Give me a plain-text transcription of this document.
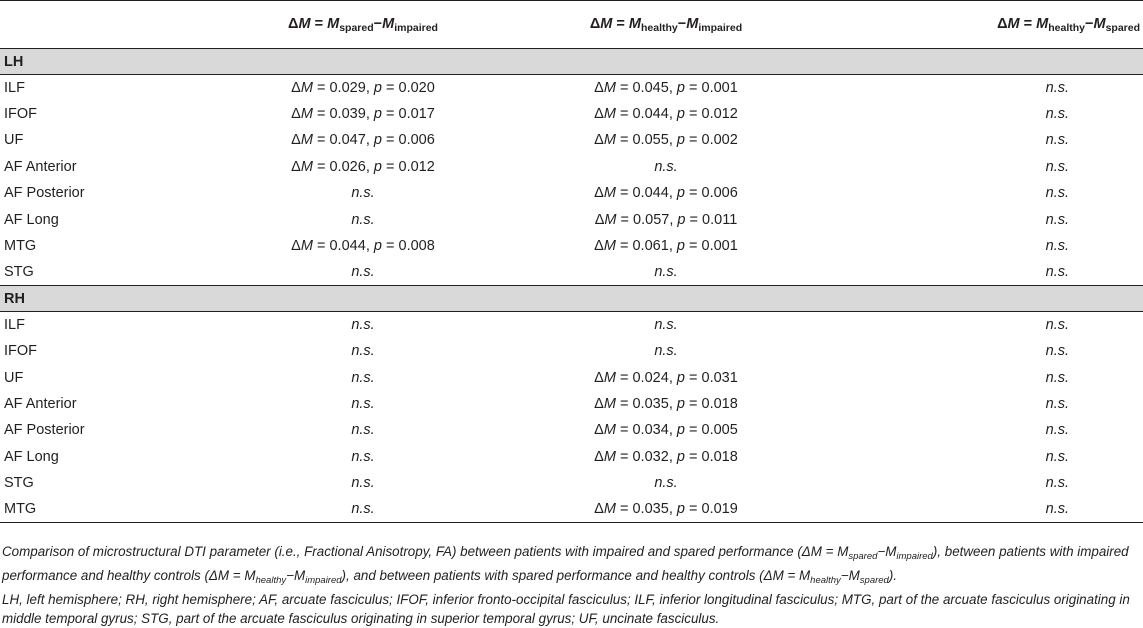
	$\Delta M = M_{spared}-M_{impaired}$	$\Delta M = M_{healthy}-M_{impaired}$	$\Delta M = M_{healthy}-M_{spared}$
LH			
ILF	ΔM = 0.029, p = 0.020	ΔM = 0.045, p = 0.001	n.s.
IFOF	ΔM = 0.039, p = 0.017	ΔM = 0.044, p = 0.012	n.s.
UF	ΔM = 0.047, p = 0.006	ΔM = 0.055, p = 0.002	n.s.
AF Anterior	ΔM = 0.026, p = 0.012	n.s.	n.s.
AF Posterior	n.s.	ΔM = 0.044, p = 0.006	n.s.
AF Long	n.s.	ΔM = 0.057, p = 0.011	n.s.
MTG	ΔM = 0.044, p = 0.008	ΔM = 0.061, p = 0.001	n.s.
STG	n.s.	n.s.	n.s.
RH			
ILF	n.s.	n.s.	n.s.
IFOF	n.s.	n.s.	n.s.
UF	n.s.	ΔM = 0.024, p = 0.031	n.s.
AF Anterior	n.s.	ΔM = 0.035, p = 0.018	n.s.
AF Posterior	n.s.	ΔM = 0.034, p = 0.005	n.s.
AF Long	n.s.	ΔM = 0.032, p = 0.018	n.s.
STG	n.s.	n.s.	n.s.
MTG	n.s.	ΔM = 0.035, p = 0.019	n.s.

Comparison of microstructural DTI parameter (i.e., Fractional Anisotropy, FA) between patients with impaired and spared performance $(\Delta M = M_{spared}-M_{impaired})$, between patients with impaired performance and healthy controls $(\Delta M = M_{healthy}-M_{impaired})$, and between patients with spared performance and healthy controls $(\Delta M = M_{healthy}-M_{spared})$.

LH, left hemisphere; RH, right hemisphere; AF, arcuate fasciculus; IFOF, inferior fronto-occipital fasciculus; ILF, inferior longitudinal fasciculus; MTG, part of the arcuate fasciculus originating in middle temporal gyrus; STG, part of the arcuate fasciculus originating in superior temporal gyrus; UF, uncinate fasciculus.
